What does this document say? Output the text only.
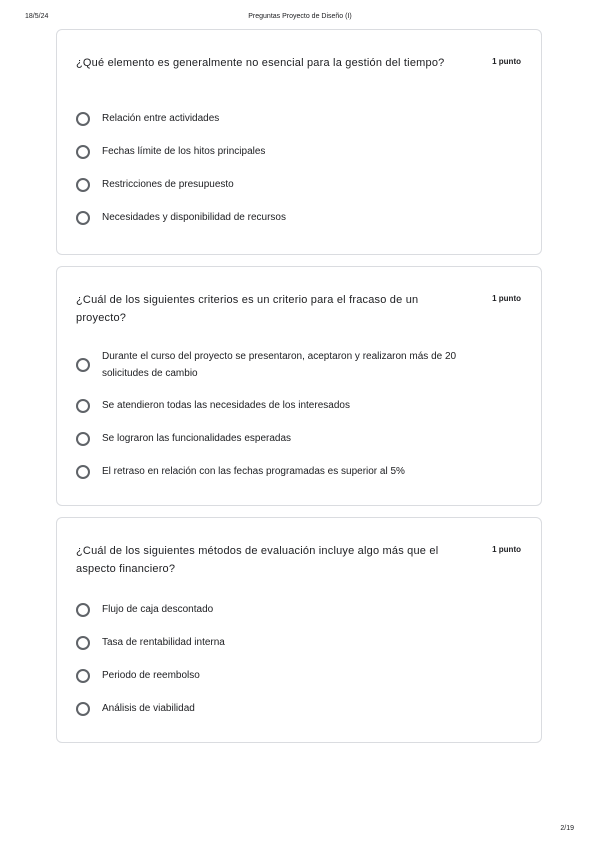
18/5/24	Preguntas Proyecto de Diseño (I)
¿Qué elemento es generalmente no esencial para la gestión del tiempo?	1 punto
Relación entre actividades
Fechas límite de los hitos principales
Restricciones de presupuesto
Necesidades y disponibilidad de recursos
¿Cuál de los siguientes criterios es un criterio para el fracaso de un proyecto?
1 punto
Durante el curso del proyecto se presentaron, aceptaron y realizaron más de 20 solicitudes de cambio
Se atendieron todas las necesidades de los interesados
Se lograron las funcionalidades esperadas
El retraso en relación con las fechas programadas es superior al 5%
¿Cuál de los siguientes métodos de evaluación incluye algo más que el aspecto financiero?
1 punto
Flujo de caja descontado
Tasa de rentabilidad interna
Periodo de reembolso
Análisis de viabilidad
2/19
